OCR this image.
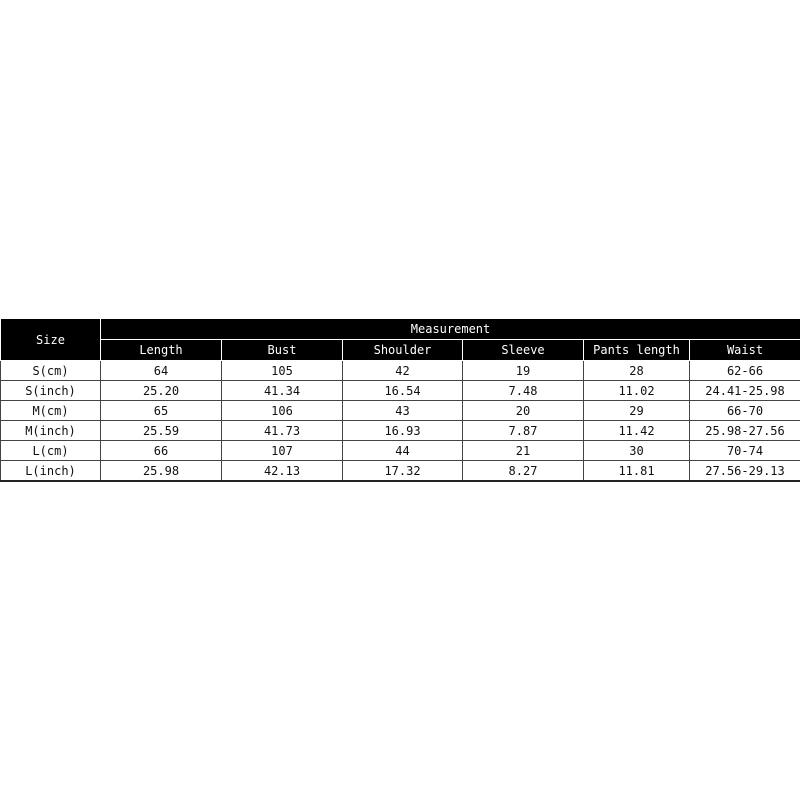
Size	Measurement					
	Length	Bust	Shoulder	Sleeve	Pants length	Waist
S(cm)	64	105	42	19	28	62-66
S(inch)	25.20	41.34	16.54	7.48	11.02	24.41-25.98
M(cm)	65	106	43	20	29	66-70
M(inch)	25.59	41.73	16.93	7.87	11.42	25.98-27.56
L(cm)	66	107	44	21	30	70-74
L(inch)	25.98	42.13	17.32	8.27	11.81	27.56-29.13
